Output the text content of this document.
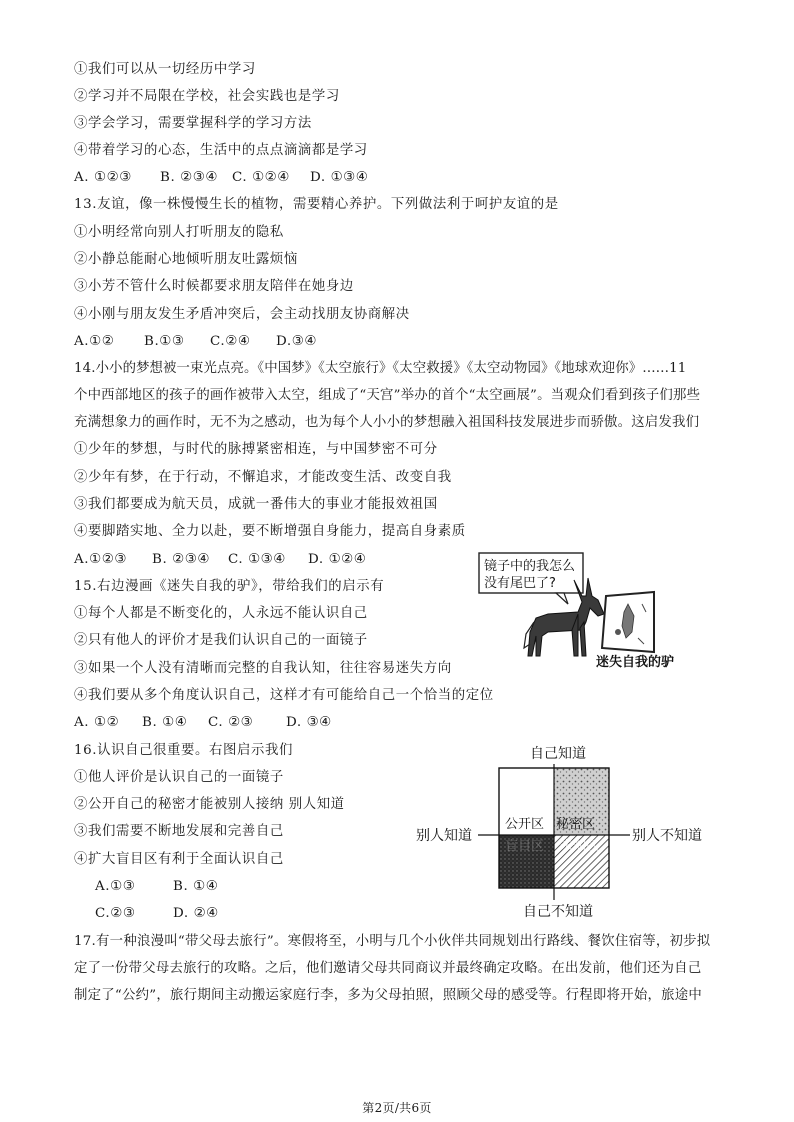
①我们可以从一切经历中学习
②学习并不局限在学校，社会实践也是学习
③学会学习，需要掌握科学的学习方法
④带着学习的心态，生活中的点点滴滴都是学习
A. ①②③ B. ②③④ C. ①②④ D. ①③④
13.友谊，像一株慢慢生长的植物，需要精心养护。下列做法利于呵护友谊的是
①小明经常向别人打听朋友的隐私
②小静总能耐心地倾听朋友吐露烦恼
③小芳不管什么时候都要求朋友陪伴在她身边
④小刚与朋友发生矛盾冲突后，会主动找朋友协商解决
A.①② B.①③ C.②④ D.③④
14.小小的梦想被一束光点亮。《中国梦》《太空旅行》《太空救援》《太空动物园》《地球欢迎你》……11
个中西部地区的孩子的画作被带入太空，组成了“天宫”举办的首个“太空画展”。当观众们看到孩子们那些
充满想象力的画作时，无不为之感动，也为每个人小小的梦想融入祖国科技发展进步而骄傲。这启发我们
①少年的梦想，与时代的脉搏紧密相连，与中国梦密不可分
②少年有梦，在于行动，不懈追求，才能改变生活、改变自我
③我们都要成为航天员，成就一番伟大的事业才能报效祖国
④要脚踏实地、全力以赴，要不断增强自身能力，提高自身素质
A.①②③ B. ②③④ C. ①③④ D. ①②④
15.右边漫画《迷失自我的驴》，带给我们的启示有
①每个人都是不断变化的，人永远不能认识自己
②只有他人的评价才是我们认识自己的一面镜子
③如果一个人没有清晰而完整的自我认知，往往容易迷失方向
④我们要从多个角度认识自己，这样才有可能给自己一个恰当的定位
A. ①② B. ①④ C. ②③ D. ③④
镜子中的我怎么
没有尾巴了?
迷失自我的驴
16.认识自己很重要。右图启示我们
①他人评价是认识自己的一面镜子
②公开自己的秘密才能被别人接纳 别人知道
③我们需要不断地发展和完善自己
④扩大盲目区有利于全面认识自己
A.①③	B. ①④
C.②③	D. ②④
自己知道
公开区 秘密区
盲目区 未知区
别人知道	别人不知道
自己不知道
17.有一种浪漫叫“带父母去旅行”。寒假将至，小明与几个小伙伴共同规划出行路线、餐饮住宿等，初步拟
定了一份带父母去旅行的攻略。之后，他们邀请父母共同商议并最终确定攻略。在出发前，他们还为自己
制定了“公约”，旅行期间主动搬运家庭行李，多为父母拍照，照顾父母的感受等。行程即将开始，旅途中
第2页/共6页
